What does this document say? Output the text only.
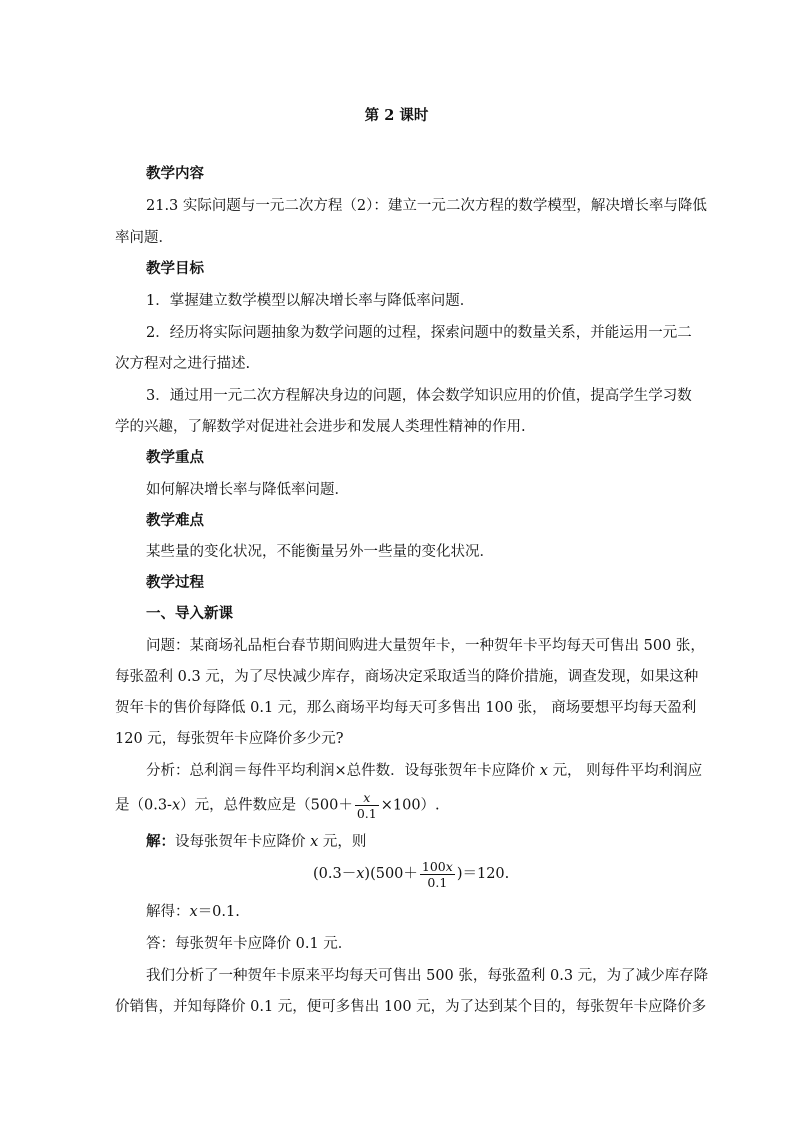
第 2 课时
教学内容
21.3 实际问题与一元二次方程（2）：建立一元二次方程的数学模型，解决增长率与降低
率问题．
教学目标
1．掌握建立数学模型以解决增长率与降低率问题．
2．经历将实际问题抽象为数学问题的过程，探索问题中的数量关系，并能运用一元二
次方程对之进行描述.
3．通过用一元二次方程解决身边的问题，体会数学知识应用的价值，提高学生学习数
学的兴趣，了解数学对促进社会进步和发展人类理性精神的作用.
教学重点
如何解决增长率与降低率问题．
教学难点
某些量的变化状况，不能衡量另外一些量的变化状况．
教学过程
一、导入新课
问题：某商场礼品柜台春节期间购进大量贺年卡，一种贺年卡平均每天可售出 500 张，
每张盈利 0.3 元，为了尽快减少库存，商场决定采取适当的降价措施，调查发现，如果这种
贺年卡的售价每降低 0.1 元，那么商场平均每天可多售出 100 张， 商场要想平均每天盈利
120 元，每张贺年卡应降价多少元?
分析：总利润＝每件平均利润×总件数．设每张贺年卡应降价 x 元， 则每件平均利润应
是（0.3-x）元，总件数应是$(500+ \frac{x}{0.1} \times 100)$.
解：设每张贺年卡应降价 x 元，则
$(0.3-x)(500+ \frac{100x}{0.1} )=120$.
解得：x＝0.1.
答：每张贺年卡应降价 0.1 元．
我们分析了一种贺年卡原来平均每天可售出 500 张，每张盈利 0.3 元，为了减少库存降
价销售，并知每降价 0.1 元，便可多售出 100 元，为了达到某个目的，每张贺年卡应降价多
